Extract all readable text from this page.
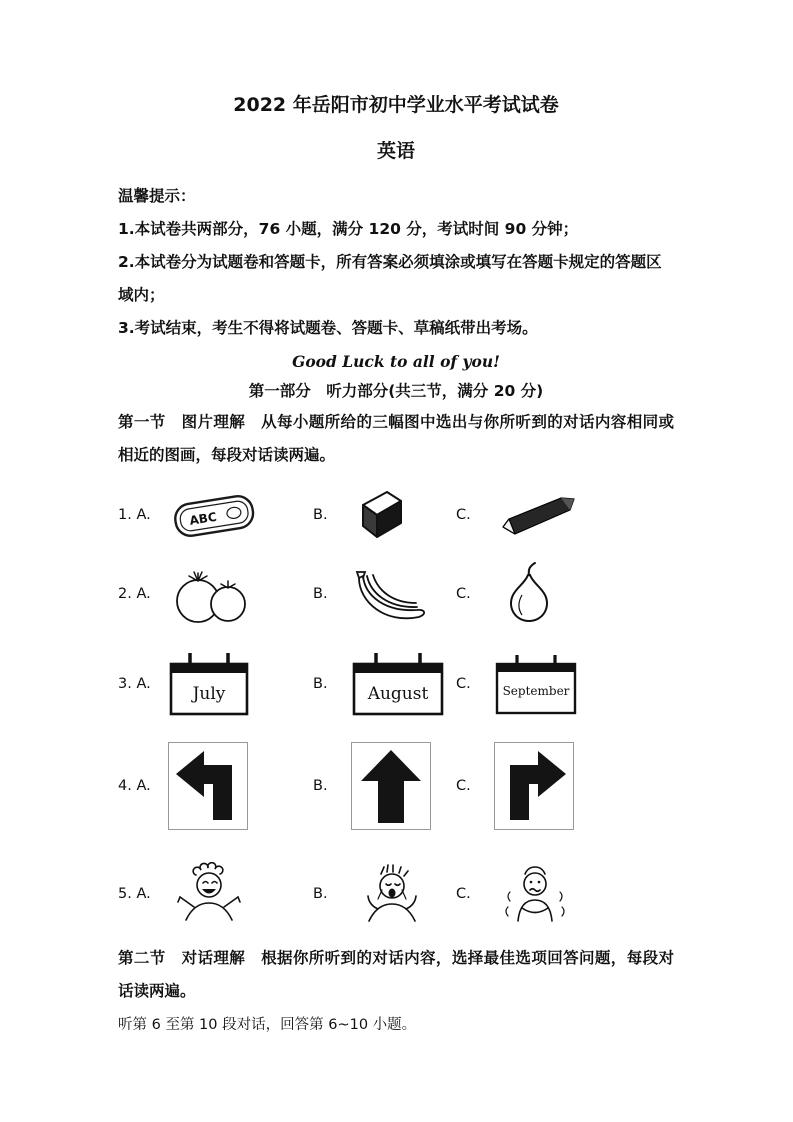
2022 年岳阳市初中学业水平考试试卷
英语
温馨提示：
1.本试卷共两部分，76 小题，满分 120 分，考试时间 90 分钟；
2.本试卷分为试题卷和答题卡，所有答案必须填涂或填写在答题卡规定的答题区域内；
3.考试结束，考生不得将试题卷、答题卡、草稿纸带出考场。
Good Luck to all of you!
第一部分　听力部分(共三节，满分 20 分)
第一节　图片理解　从每小题所给的三幅图中选出与你所听到的对话内容相同或相近的图画，每段对话读两遍。
1. A.	ABC	B.	C.
2. A.	B.	C.
3. A.	July	B.	August C.	September
4. A.	B.	C.
5. A.	B.	C.
第二节　对话理解　根据你所听到的对话内容，选择最佳选项回答问题，每段对话读两遍。
听第 6 至第 10 段对话，回答第 6~10 小题。
